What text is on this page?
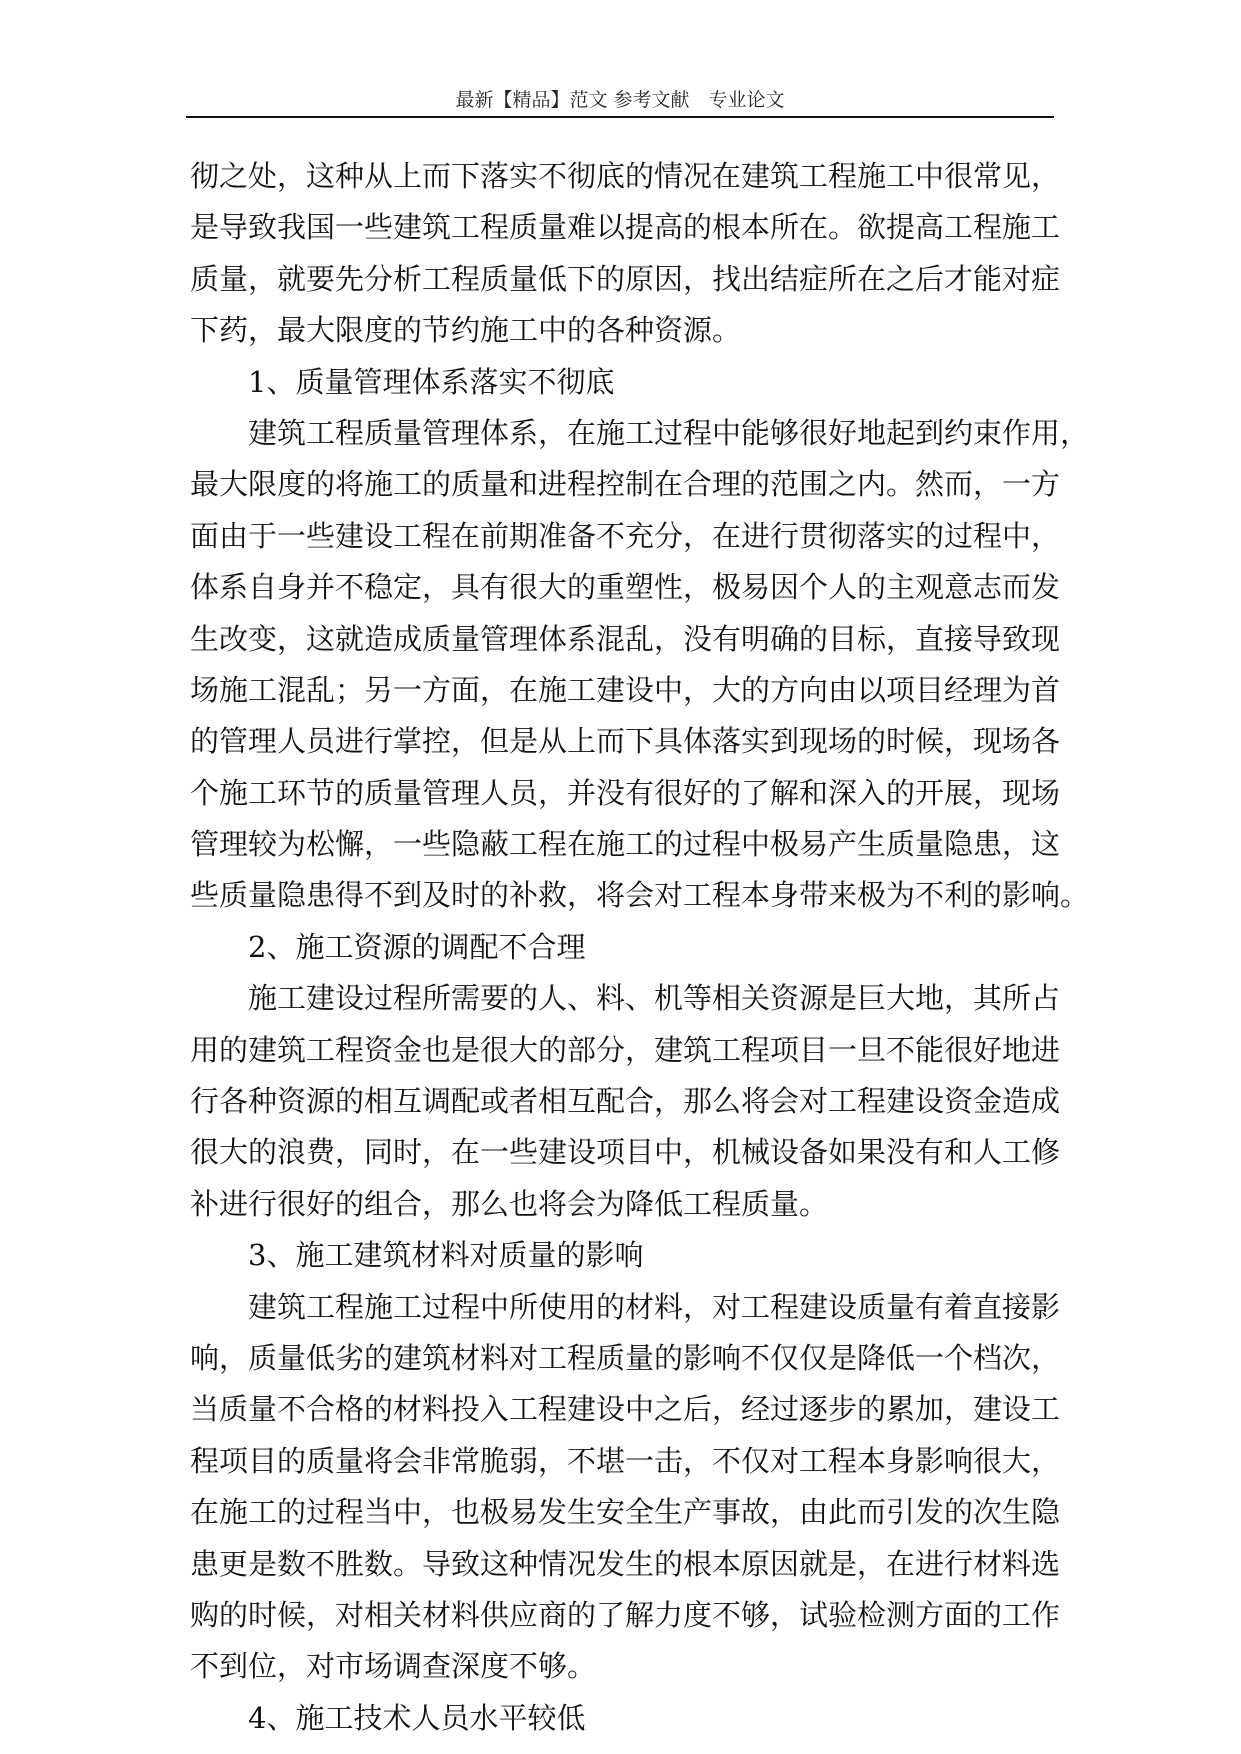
最新【精品】范文 参考文献　专业论文
彻之处，这种从上而下落实不彻底的情况在建筑工程施工中很常见，
是导致我国一些建筑工程质量难以提高的根本所在。欲提高工程施工
质量，就要先分析工程质量低下的原因，找出结症所在之后才能对症
下药，最大限度的节约施工中的各种资源。
1、质量管理体系落实不彻底
建筑工程质量管理体系，在施工过程中能够很好地起到约束作用，
最大限度的将施工的质量和进程控制在合理的范围之内。然而，一方
面由于一些建设工程在前期准备不充分，在进行贯彻落实的过程中，
体系自身并不稳定，具有很大的重塑性，极易因个人的主观意志而发
生改变，这就造成质量管理体系混乱，没有明确的目标，直接导致现
场施工混乱；另一方面，在施工建设中，大的方向由以项目经理为首
的管理人员进行掌控，但是从上而下具体落实到现场的时候，现场各
个施工环节的质量管理人员，并没有很好的了解和深入的开展，现场
管理较为松懈，一些隐蔽工程在施工的过程中极易产生质量隐患，这
些质量隐患得不到及时的补救，将会对工程本身带来极为不利的影响。
2、施工资源的调配不合理
施工建设过程所需要的人、料、机等相关资源是巨大地，其所占
用的建筑工程资金也是很大的部分，建筑工程项目一旦不能很好地进
行各种资源的相互调配或者相互配合，那么将会对工程建设资金造成
很大的浪费，同时，在一些建设项目中，机械设备如果没有和人工修
补进行很好的组合，那么也将会为降低工程质量。
3、施工建筑材料对质量的影响
建筑工程施工过程中所使用的材料，对工程建设质量有着直接影
响，质量低劣的建筑材料对工程质量的影响不仅仅是降低一个档次，
当质量不合格的材料投入工程建设中之后，经过逐步的累加，建设工
程项目的质量将会非常脆弱，不堪一击，不仅对工程本身影响很大，
在施工的过程当中，也极易发生安全生产事故，由此而引发的次生隐
患更是数不胜数。导致这种情况发生的根本原因就是，在进行材料选
购的时候，对相关材料供应商的了解力度不够，试验检测方面的工作
不到位，对市场调查深度不够。
4、施工技术人员水平较低
